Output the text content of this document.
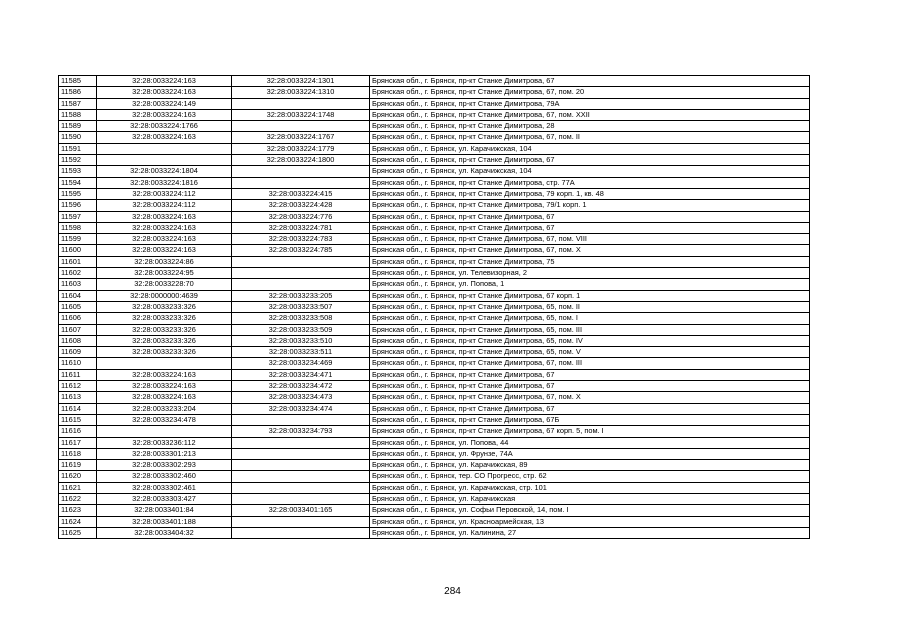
11585	32:28:0033224:163	32:28:0033224:1301	Брянская обл., г. Брянск, пр-кт Станке Димитрова, 67
11586	32:28:0033224:163	32:28:0033224:1310	Брянская обл., г. Брянск, пр-кт Станке Димитрова, 67, пом. 20
11587	32:28:0033224:149		Брянская обл., г. Брянск, пр-кт Станке Димитрова, 79А
11588	32:28:0033224:163	32:28:0033224:1748	Брянская обл., г. Брянск, пр-кт Станке Димитрова, 67, пом. XXII
11589	32:28:0033224:1766		Брянская обл., г. Брянск, пр-кт Станке Димитрова, 28
11590	32:28:0033224:163	32:28:0033224:1767	Брянская обл., г. Брянск, пр-кт Станке Димитрова, 67, пом. II
11591		32:28:0033224:1779	Брянская обл., г. Брянск, ул. Карачижская, 104
11592		32:28:0033224:1800	Брянская обл., г. Брянск, пр-кт Станке Димитрова, 67
11593	32:28:0033224:1804		Брянская обл., г. Брянск, ул. Карачижская, 104
11594	32:28:0033224:1816		Брянская обл., г. Брянск, пр-кт Станке Димитрова, стр. 77А
11595	32:28:0033224:112	32:28:0033224:415	Брянская обл., г. Брянск, пр-кт Станке Димитрова, 79 корп. 1, кв. 48
11596	32:28:0033224:112	32:28:0033224:428	Брянская обл., г. Брянск, пр-кт Станке Димитрова, 79/1 корп. 1
11597	32:28:0033224:163	32:28:0033224:776	Брянская обл., г. Брянск, пр-кт Станке Димитрова, 67
11598	32:28:0033224:163	32:28:0033224:781	Брянская обл., г. Брянск, пр-кт Станке Димитрова, 67
11599	32:28:0033224:163	32:28:0033224:783	Брянская обл., г. Брянск, пр-кт Станке Димитрова, 67, пом. VIII
11600	32:28:0033224:163	32:28:0033224:785	Брянская обл., г. Брянск, пр-кт Станке Димитрова, 67, пом. X
11601	32:28:0033224:86		Брянская обл., г. Брянск, пр-кт Станке Димитрова, 75
11602	32:28:0033224:95		Брянская обл., г. Брянск, ул. Телевизорная, 2
11603	32:28:0033228:70		Брянская обл., г. Брянск, ул. Попова, 1
11604	32:28:0000000:4639	32:28:0033233:205	Брянская обл., г. Брянск, пр-кт Станке Димитрова, 67 корп. 1
11605	32:28:0033233:326	32:28:0033233:507	Брянская обл., г. Брянск, пр-кт Станке Димитрова, 65, пом. II
11606	32:28:0033233:326	32:28:0033233:508	Брянская обл., г. Брянск, пр-кт Станке Димитрова, 65, пом. I
11607	32:28:0033233:326	32:28:0033233:509	Брянская обл., г. Брянск, пр-кт Станке Димитрова, 65, пом. III
11608	32:28:0033233:326	32:28:0033233:510	Брянская обл., г. Брянск, пр-кт Станке Димитрова, 65, пом. IV
11609	32:28:0033233:326	32:28:0033233:511	Брянская обл., г. Брянск, пр-кт Станке Димитрова, 65, пом. V
11610		32:28:0033234:469	Брянская обл., г. Брянск, пр-кт Станке Димитрова, 67, пом. III
11611	32:28:0033224:163	32:28:0033234:471	Брянская обл., г. Брянск, пр-кт Станке Димитрова, 67
11612	32:28:0033224:163	32:28:0033234:472	Брянская обл., г. Брянск, пр-кт Станке Димитрова, 67
11613	32:28:0033224:163	32:28:0033234:473	Брянская обл., г. Брянск, пр-кт Станке Димитрова, 67, пом. X
11614	32:28:0033233:204	32:28:0033234:474	Брянская обл., г. Брянск, пр-кт Станке Димитрова, 67
11615	32:28:0033234:478		Брянская обл., г. Брянск, пр-кт Станке Димитрова, 67Б
11616		32:28:0033234:793	Брянская обл., г. Брянск, пр-кт Станке Димитрова, 67 корп. 5, пом. I
11617	32:28:0033236:112		Брянская обл., г. Брянск, ул. Попова, 44
11618	32:28:0033301:213		Брянская обл., г. Брянск, ул. Фрунзе, 74А
11619	32:28:0033302:293		Брянская обл., г. Брянск, ул. Карачижская, 89
11620	32:28:0033302:460		Брянская обл., г. Брянск, тер. СО Прогресс, стр. 62
11621	32:28:0033302:461		Брянская обл., г. Брянск, ул. Карачижская, стр. 101
11622	32:28:0033303:427		Брянская обл., г. Брянск, ул. Карачижская
11623	32:28:0033401:84	32:28:0033401:165	Брянская обл., г. Брянск, ул. Софьи Перовской, 14, пом. I
11624	32:28:0033401:188		Брянская обл., г. Брянск, ул. Красноармейская, 13
11625	32:28:0033404:32		Брянская обл., г. Брянск, ул. Калинина, 27
284
